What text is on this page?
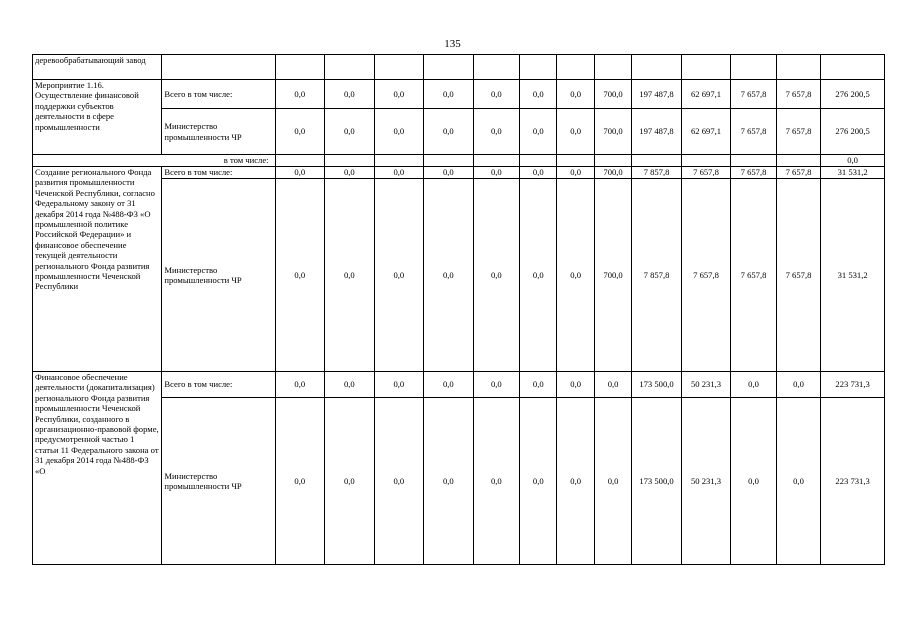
135
деревообрабатывающий завод														
Мероприятие 1.16. Осуществление финансовой поддержки субъектов деятельности в сфере промышленности	Всего в том числе:	0,0	0,0	0,0	0,0	0,0	0,0	0,0	700,0	197 487,8	62 697,1	7 657,8	7 657,8	276 200,5
	Министерство промышленности ЧР	0,0	0,0	0,0	0,0	0,0	0,0	0,0	700,0	197 487,8	62 697,1	7 657,8	7 657,8	276 200,5
в том числе:														0,0
Создание регионального Фонда развития промышленности Чеченской Республики, согласно Федеральному закону от 31 декабря 2014 года №488-ФЗ «О промышленной политике Российской Федерации» и финансовое обеспечение текущей деятельности регионального Фонда развития промышленности Чеченской Республики	Всего в том числе:	0,0	0,0	0,0	0,0	0,0	0,0	0,0	700,0	7 857,8	7 657,8	7 657,8	7 657,8	31 531,2
	Министерство промышленности ЧР	0,0	0,0	0,0	0,0	0,0	0,0	0,0	700,0	7 857,8	7 657,8	7 657,8	7 657,8	31 531,2
Финансовое обеспечение деятельности (докапитализация) регионального Фонда развития промышленности Чеченской Республики, созданного в организационно-правовой форме, предусмотренной частью 1 статьи 11 Федерального закона от 31 декабря 2014 года №488-ФЗ «О	Всего в том числе:	0,0	0,0	0,0	0,0	0,0	0,0	0,0	0,0	173 500,0	50 231,3	0,0	0,0	223 731,3
	Министерство промышленности ЧР	0,0	0,0	0,0	0,0	0,0	0,0	0,0	0,0	173 500,0	50 231,3	0,0	0,0	223 731,3
